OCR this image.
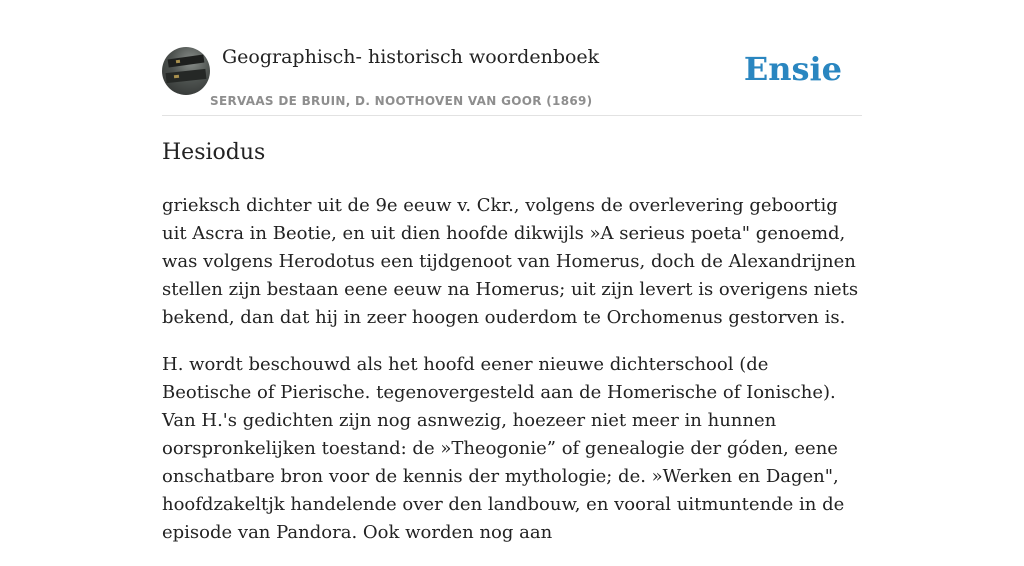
Geographisch- historisch woordenboek
SERVAAS DE BRUIN, D. NOOTHOVEN VAN GOOR (1869)
Ensie
Hesiodus

grieksch dichter uit de 9e eeuw v. Ckr., volgens de overlevering geboortig uit Ascra in Beotie, en uit dien hoofde dikwijls »A serieus poeta" genoemd, was volgens Herodotus een tijdgenoot van Homerus, doch de Alexandrijnen stellen zijn bestaan eene eeuw na Homerus; uit zijn levert is overigens niets bekend, dan dat hij in zeer hoogen ouderdom te Orchomenus gestorven is.

H. wordt beschouwd als het hoofd eener nieuwe dichterschool (de Beotische of Pierische. tegenovergesteld aan de Homerische of Ionische). Van H.'s gedichten zijn nog asnwezig, hoezeer niet meer in hunnen oorspronkelijken toestand: de »Theogonie” of genealogie der góden, eene onschatbare bron voor de kennis der mythologie; de. »Werken en Dagen", hoofdzakeltjk handelende over den landbouw, en vooral uitmuntende in de episode van Pandora. Ook worden nog aan
